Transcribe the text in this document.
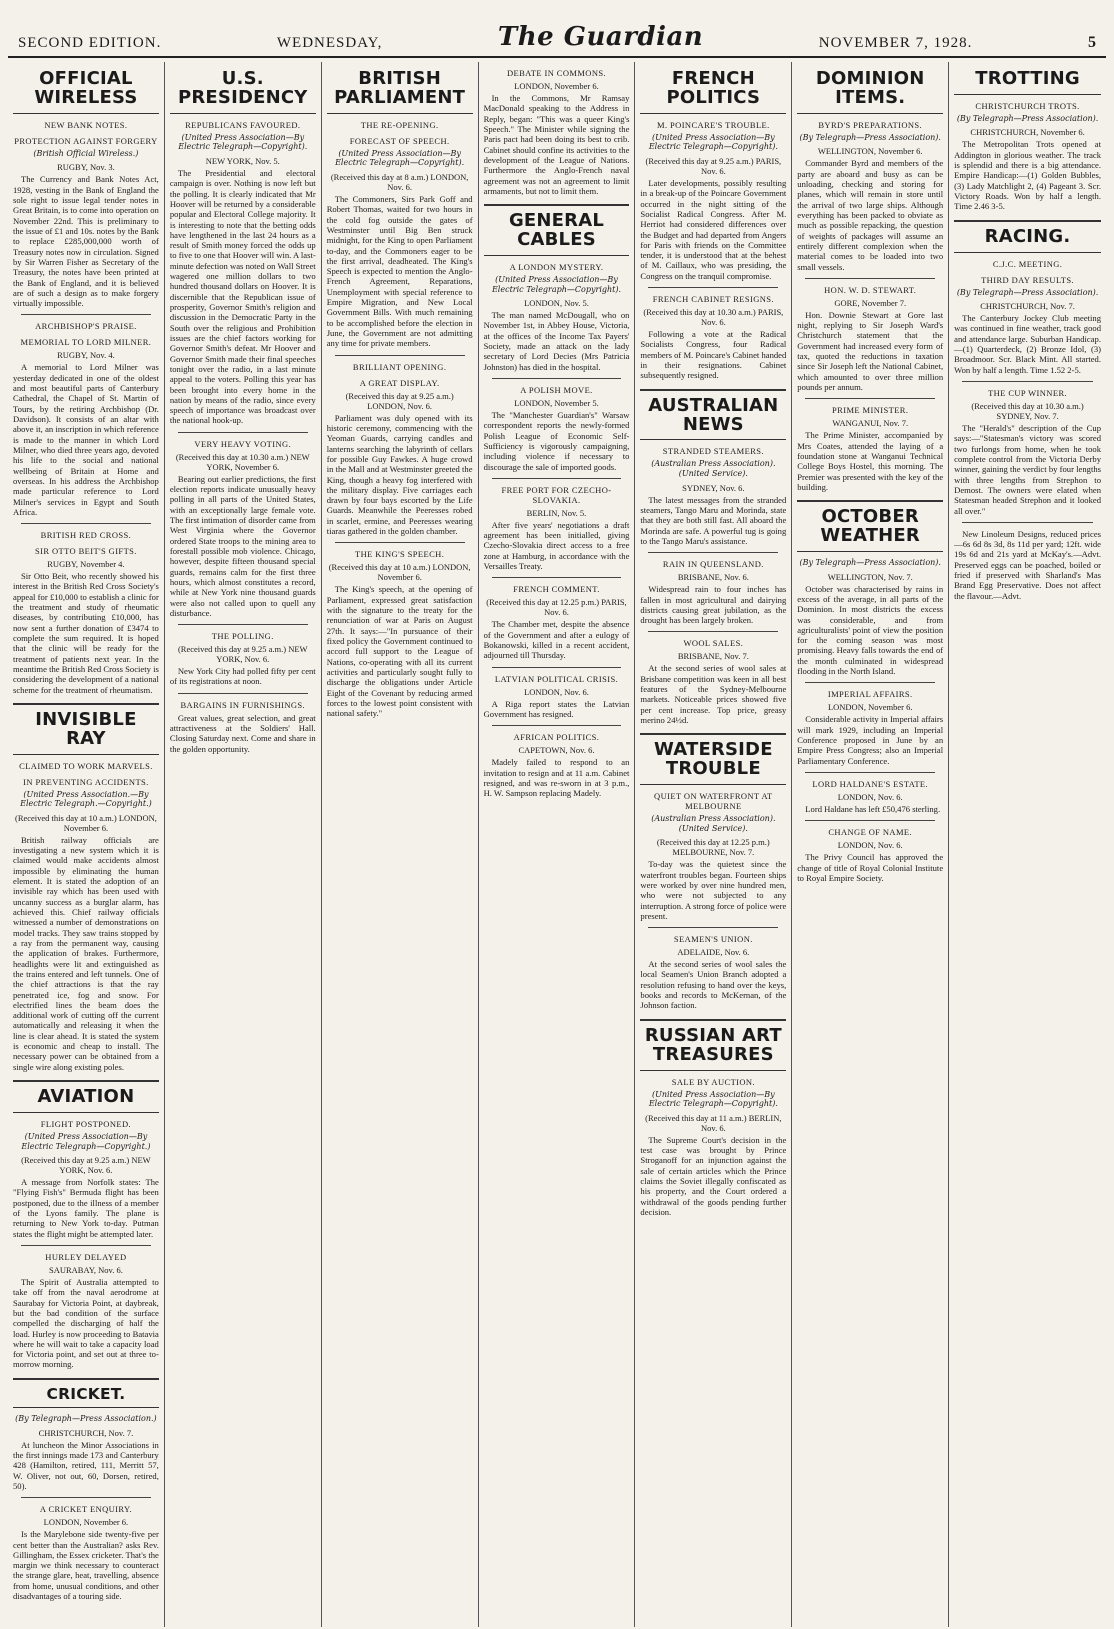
SECOND EDITION.	WEDNESDAY,	The Guardian	NOVEMBER 7, 1928.	5
OFFICIAL WIRELESS
NEW BANK NOTES.
PROTECTION AGAINST FORGERY
(British Official Wireless.)
RUGBY, Nov. 3.

The Currency and Bank Notes Act, 1928, vesting in the Bank of England the sole right to issue legal tender notes in Great Britain, is to come into operation on November 22nd. This is preliminary to the issue of £1 and 10s. notes by the Bank to replace £285,000,000 worth of Treasury notes now in circulation. Signed by Sir Warren Fisher as Secretary of the Treasury, the notes have been printed at the Bank of England, and it is believed are of such a design as to make forgery virtually impossible.

ARCHBISHOP'S PRAISE.
MEMORIAL TO LORD MILNER.
RUGBY, Nov. 4.

A memorial to Lord Milner was yesterday dedicated in one of the oldest and most beautiful parts of Canterbury Cathedral, the Chapel of St. Martin of Tours, by the retiring Archbishop (Dr. Davidson). It consists of an altar with above it, an inscription in which reference is made to the manner in which Lord Milner, who died three years ago, devoted his life to the social and national wellbeing of Britain at Home and overseas. In his address the Archbishop made particular reference to Lord Milner's services in Egypt and South Africa.

BRITISH RED CROSS.
SIR OTTO BEIT'S GIFTS.
RUGBY, November 4.

Sir Otto Beit, who recently showed his interest in the British Red Cross Society's appeal for £10,000 to establish a clinic for the treatment and study of rheumatic diseases, by contributing £10,000, has now sent a further donation of £3474 to complete the sum required. It is hoped that the clinic will be ready for the treatment of patients next year. In the meantime the British Red Cross Society is considering the development of a national scheme for the treatment of rheumatism.

INVISIBLE RAY
CLAIMED TO WORK MARVELS.
IN PREVENTING ACCIDENTS.
(United Press Association.—By Electric Telegraph.—Copyright.)
(Received this day at 10 a.m.) LONDON, November 6.

British railway officials are investigating a new system which it is claimed would make accidents almost impossible by eliminating the human element. It is stated the adoption of an invisible ray which has been used with uncanny success as a burglar alarm, has achieved this. Chief railway officials witnessed a number of demonstrations on model tracks. They saw trains stopped by a ray from the permanent way, causing the application of brakes. Furthermore, headlights were lit and extinguished as the trains entered and left tunnels. One of the chief attractions is that the ray penetrated ice, fog and snow. For electrified lines the beam does the additional work of cutting off the current automatically and releasing it when the line is clear ahead. It is stated the system is economic and cheap to install. The necessary power can be obtained from a single wire along existing poles.

AVIATION
FLIGHT POSTPONED.
(United Press Association—By Electric Telegraph—Copyright.)
(Received this day at 9.25 a.m.) NEW YORK, Nov. 6.

A message from Norfolk states: The "Flying Fish's" Bermuda flight has been postponed, due to the illness of a member of the Lyons family. The plane is returning to New York to-day. Putman states the flight might be attempted later.

HURLEY DELAYED
SAURABAY, Nov. 6.

The Spirit of Australia attempted to take off from the naval aerodrome at Saurabay for Victoria Point, at daybreak, but the bad condition of the surface compelled the discharging of half the load. Hurley is now proceeding to Batavia where he will wait to take a capacity load for Victoria point, and set out at three to-morrow morning.

CRICKET.
(By Telegraph—Press Association.)
CHRISTCHURCH, Nov. 7.

At luncheon the Minor Associations in the first innings made 173 and Canterbury 428 (Hamilton, retired, 111, Merritt 57, W. Oliver, not out, 60, Dorsen, retired, 50).

A CRICKET ENQUIRY.
LONDON, November 6.

Is the Marylebone side twenty-five per cent better than the Australian? asks Rev. Gillingham, the Essex cricketer. That's the margin we think necessary to counteract the strange glare, heat, travelling, absence from home, unusual conditions, and other disadvantages of a touring side.

U.S. PRESIDENCY
REPUBLICANS FAVOURED.
(United Press Association—By Electric Telegraph—Copyright).
NEW YORK, Nov. 5.

The Presidential and electoral campaign is over. Nothing is now left but the polling. It is clearly indicated that Mr Hoover will be returned by a considerable popular and Electoral College majority. It is interesting to note that the betting odds have lengthened in the last 24 hours as a result of Smith money forced the odds up to five to one that Hoover will win. A last-minute defection was noted on Wall Street wagered one million dollars to two hundred thousand dollars on Hoover. It is discernible that the Republican issue of prosperity, Governor Smith's religion and discussion in the Democratic Party in the South over the religious and Prohibition issues are the chief factors working for Governor Smith's defeat. Mr Hoover and Governor Smith made their final speeches tonight over the radio, in a last minute appeal to the voters. Polling this year has been brought into every home in the nation by means of the radio, since every speech of importance was broadcast over the national hook-up.

VERY HEAVY VOTING.
(Received this day at 10.30 a.m.) NEW YORK, November 6.

Bearing out earlier predictions, the first election reports indicate unusually heavy polling in all parts of the United States, with an exceptionally large female vote. The first intimation of disorder came from West Virginia where the Governor ordered State troops to the mining area to forestall possible mob violence. Chicago, however, despite fifteen thousand special guards, remains calm for the first three hours, which almost constitutes a record, while at New York nine thousand guards were also not called upon to quell any disturbance.

THE POLLING.
(Received this day at 9.25 a.m.) NEW YORK, Nov. 6.

New York City had polled fifty per cent of its registrations at noon.

BARGAINS IN FURNISHINGS.

Great values, great selection, and great attractiveness at the Soldiers' Hall. Closing Saturday next. Come and share in the golden opportunity.

BRITISH PARLIAMENT
THE RE-OPENING.
FORECAST OF SPEECH.
(United Press Association—By Electric Telegraph—Copyright).
(Received this day at 8 a.m.) LONDON, Nov. 6.

The Commoners, Sirs Park Goff and Robert Thomas, waited for two hours in the cold fog outside the gates of Westminster until Big Ben struck midnight, for the King to open Parliament to-day, and the Commoners eager to be the first arrival, deadheated. The King's Speech is expected to mention the Anglo-French Agreement, Reparations, Unemployment with special reference to Empire Migration, and New Local Government Bills. With much remaining to be accomplished before the election in June, the Government are not admitting any time for private members.

BRILLIANT OPENING.
A GREAT DISPLAY.
(Received this day at 9.25 a.m.) LONDON, Nov. 6.

Parliament was duly opened with its historic ceremony, commencing with the Yeoman Guards, carrying candles and lanterns searching the labyrinth of cellars for possible Guy Fawkes. A huge crowd in the Mall and at Westminster greeted the King, though a heavy fog interfered with the military display. Five carriages each drawn by four bays escorted by the Life Guards. Meanwhile the Peeresses robed in scarlet, ermine, and Peeresses wearing tiaras gathered in the golden chamber.

THE KING'S SPEECH.
(Received this day at 10 a.m.) LONDON, November 6.

The King's speech, at the opening of Parliament, expressed great satisfaction with the signature to the treaty for the renunciation of war at Paris on August 27th. It says:—"In pursuance of their fixed policy the Government continued to accord full support to the League of Nations, co-operating with all its current activities and particularly sought fully to discharge the obligations under Article Eight of the Covenant by reducing armed forces to the lowest point consistent with national safety."

DEBATE IN COMMONS.
LONDON, November 6.

In the Commons, Mr Ramsay MacDonald speaking to the Address in Reply, began: "This was a queer King's Speech." The Minister while signing the Paris pact had been doing its best to crib. Cabinet should confine its activities to the development of the League of Nations. Furthermore the Anglo-French naval agreement was not an agreement to limit armaments, but not to limit them.

GENERAL CABLES
A LONDON MYSTERY.
(United Press Association—By Electric Telegraph—Copyright).
LONDON, Nov. 5.

The man named McDougall, who on November 1st, in Abbey House, Victoria, at the offices of the Income Tax Payers' Society, made an attack on the lady secretary of Lord Decies (Mrs Patricia Johnston) has died in the hospital.

A POLISH MOVE.
LONDON, November 5.

The "Manchester Guardian's" Warsaw correspondent reports the newly-formed Polish League of Economic Self-Sufficiency is vigorously campaigning, including violence if necessary to discourage the sale of imported goods.

FREE PORT FOR CZECHO-SLOVAKIA.
BERLIN, Nov. 5.

After five years' negotiations a draft agreement has been initialled, giving Czecho-Slovakia direct access to a free zone at Hamburg, in accordance with the Versailles Treaty.

FRENCH COMMENT.
(Received this day at 12.25 p.m.) PARIS, Nov. 6.

The Chamber met, despite the absence of the Government and after a eulogy of Bokanowski, killed in a recent accident, adjourned till Thursday.

LATVIAN POLITICAL CRISIS.
LONDON, Nov. 6.

A Riga report states the Latvian Government has resigned.

AFRICAN POLITICS.
CAPETOWN, Nov. 6.

Madely failed to respond to an invitation to resign and at 11 a.m. Cabinet resigned, and was re-sworn in at 3 p.m., H. W. Sampson replacing Madely.

FRENCH POLITICS
M. POINCARE'S TROUBLE.
(United Press Association—By Electric Telegraph—Copyright).
(Received this day at 9.25 a.m.) PARIS, Nov. 6.

Later developments, possibly resulting in a break-up of the Poincare Government occurred in the night sitting of the Socialist Radical Congress. After M. Herriot had considered differences over the Budget and had departed from Angers for Paris with friends on the Committee tender, it is understood that at the behest of M. Caillaux, who was presiding, the Congress on the tranquil compromise.

FRENCH CABINET RESIGNS.
(Received this day at 10.30 a.m.) PARIS, Nov. 6.

Following a vote at the Radical Socialists Congress, four Radical members of M. Poincare's Cabinet handed in their resignations. Cabinet subsequently resigned.

AUSTRALIAN NEWS
STRANDED STEAMERS.
(Australian Press Association). (United Service).
SYDNEY, Nov. 6.

The latest messages from the stranded steamers, Tango Maru and Morinda, state that they are both still fast. All aboard the Morinda are safe. A powerful tug is going to the Tango Maru's assistance.

RAIN IN QUEENSLAND.
BRISBANE, Nov. 6.

Widespread rain to four inches has fallen in most agricultural and dairying districts causing great jubilation, as the drought has been largely broken.

WOOL SALES.
BRISBANE, Nov. 7.

At the second series of wool sales at Brisbane competition was keen in all best features of the Sydney-Melbourne markets. Noticeable prices showed five per cent increase. Top price, greasy merino 24½d.

WATERSIDE TROUBLE
QUIET ON WATERFRONT AT MELBOURNE
(Australian Press Association). (United Service).
(Received this day at 12.25 p.m.) MELBOURNE, Nov. 7.

To-day was the quietest since the waterfront troubles began. Fourteen ships were worked by over nine hundred men, who were not subjected to any interruption. A strong force of police were present.

SEAMEN'S UNION.
ADELAIDE, Nov. 6.

At the second series of wool sales the local Seamen's Union Branch adopted a resolution refusing to hand over the keys, books and records to McKernan, of the Johnson faction.

RUSSIAN ART TREASURES
SALE BY AUCTION.
(United Press Association—By Electric Telegraph—Copyright).
(Received this day at 11 a.m.) BERLIN, Nov. 6.

The Supreme Court's decision in the test case was brought by Prince Stroganoff for an injunction against the sale of certain articles which the Prince claims the Soviet illegally confiscated as his property, and the Court ordered a withdrawal of the goods pending further decision.

DOMINION ITEMS.
BYRD'S PREPARATIONS.
(By Telegraph—Press Association).
WELLINGTON, November 6.

Commander Byrd and members of the party are aboard and busy as can be unloading, checking and storing for planes, which will remain in store until the arrival of two large ships. Although everything has been packed to obviate as much as possible repacking, the question of weights of packages will assume an entirely different complexion when the material comes to be loaded into two small vessels.

HON. W. D. STEWART.
GORE, November 7.

Hon. Downie Stewart at Gore last night, replying to Sir Joseph Ward's Christchurch statement that the Government had increased every form of tax, quoted the reductions in taxation since Sir Joseph left the National Cabinet, which amounted to over three million pounds per annum.

PRIME MINISTER.
WANGANUI, Nov. 7.

The Prime Minister, accompanied by Mrs Coates, attended the laying of a foundation stone at Wanganui Technical College Boys Hostel, this morning. The Premier was presented with the key of the building.

OCTOBER WEATHER
(By Telegraph—Press Association).
WELLINGTON, Nov. 7.

October was characterised by rains in excess of the average, in all parts of the Dominion. In most districts the excess was considerable, and from agriculturalists' point of view the position for the coming season was most promising. Heavy falls towards the end of the month culminated in widespread flooding in the North Island.

IMPERIAL AFFAIRS.
LONDON, November 6.

Considerable activity in Imperial affairs will mark 1929, including an Imperial Conference proposed in June by an Empire Press Congress; also an Imperial Parliamentary Conference.

LORD HALDANE'S ESTATE.
LONDON, Nov. 6.

Lord Haldane has left £50,476 sterling.

CHANGE OF NAME.
LONDON, Nov. 6.

The Privy Council has approved the change of title of Royal Colonial Institute to Royal Empire Society.

TROTTING
CHRISTCHURCH TROTS.
(By Telegraph—Press Association).
CHRISTCHURCH, November 6.

The Metropolitan Trots opened at Addington in glorious weather. The track is splendid and there is a big attendance. Empire Handicap:—(1) Golden Bubbles, (3) Lady Matchlight 2, (4) Pageant 3. Scr. Victory Roads. Won by half a length. Time 2.46 3-5.

RACING.
C.J.C. MEETING.
THIRD DAY RESULTS.
(By Telegraph—Press Association).
CHRISTCHURCH, Nov. 7.

The Canterbury Jockey Club meeting was continued in fine weather, track good and attendance large. Suburban Handicap.—(1) Quarterdeck, (2) Bronze Idol, (3) Broadmoor. Scr. Black Mint. All started. Won by half a length. Time 1.52 2-5.

THE CUP WINNER.
(Received this day at 10.30 a.m.) SYDNEY, Nov. 7.

The "Herald's" description of the Cup says:—"Statesman's victory was scored two furlongs from home, when he took complete control from the Victoria Derby winner, gaining the verdict by four lengths with three lengths from Strephon to Demost. The owners were elated when Statesman headed Strephon and it looked all over."

New Linoleum Designs, reduced prices—6s 6d 8s 3d, 8s 11d per yard; 12ft. wide 19s 6d and 21s yard at McKay's.—Advt. Preserved eggs can be poached, boiled or fried if preserved with Sharland's Mas Brand Egg Preservative. Does not affect the flavour.—Advt.
